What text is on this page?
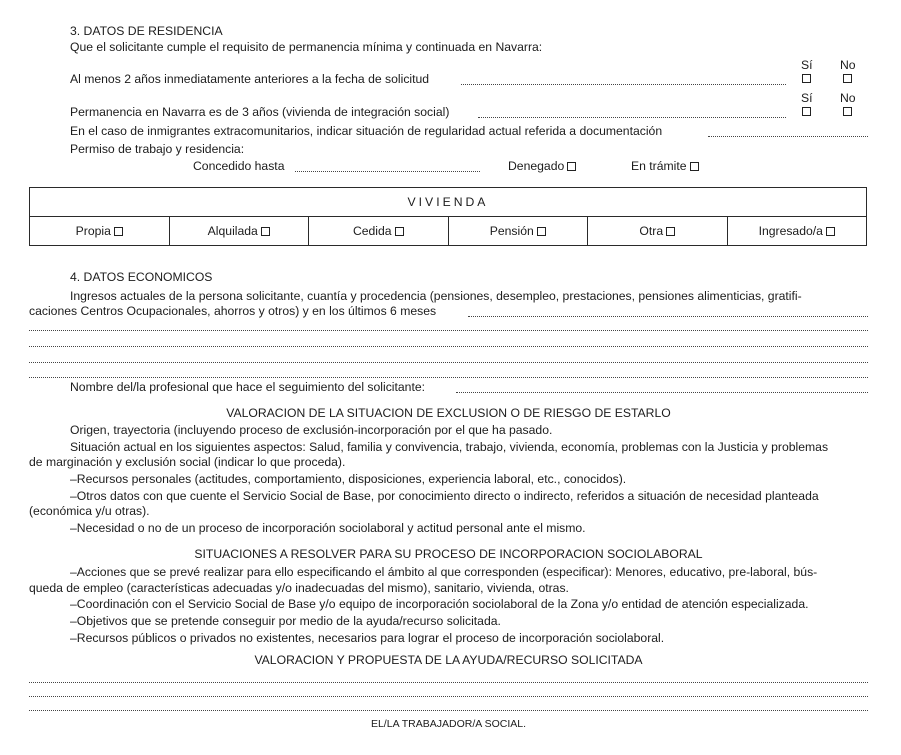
3. DATOS DE RESIDENCIA
Que el solicitante cumple el requisito de permanencia mínima y continuada en Navarra:
Sí No
Al menos 2 años inmediatamente anteriores a la fecha de solicitud
Sí No
Permanencia en Navarra es de 3 años (vivienda de integración social)
En el caso de inmigrantes extracomunitarios, indicar situación de regularidad actual referida a documentación
Permiso de trabajo y residencia:
Concedido hasta	Denegado	En trámite
VIVIENDA
Propia	Alquilada	Cedida	Pensión	Otra	Ingresado/a
4. DATOS ECONOMICOS
Ingresos actuales de la persona solicitante, cuantía y procedencia (pensiones, desempleo, prestaciones, pensiones alimenticias, gratifi-
caciones Centros Ocupacionales, ahorros y otros) y en los últimos 6 meses
Nombre del/la profesional que hace el seguimiento del solicitante:
VALORACION DE LA SITUACION DE EXCLUSION O DE RIESGO DE ESTARLO
Origen, trayectoria (incluyendo proceso de exclusión-incorporación por el que ha pasado.
Situación actual en los siguientes aspectos: Salud, familia y convivencia, trabajo, vivienda, economía, problemas con la Justicia y problemas
de marginación y exclusión social (indicar lo que proceda).
–Recursos personales (actitudes, comportamiento, disposiciones, experiencia laboral, etc., conocidos).
–Otros datos con que cuente el Servicio Social de Base, por conocimiento directo o indirecto, referidos a situación de necesidad planteada
(económica y/u otras).
–Necesidad o no de un proceso de incorporación sociolaboral y actitud personal ante el mismo.
SITUACIONES A RESOLVER PARA SU PROCESO DE INCORPORACION SOCIOLABORAL
–Acciones que se prevé realizar para ello especificando el ámbito al que corresponden (especificar): Menores, educativo, pre-laboral, bús-
queda de empleo (características adecuadas y/o inadecuadas del mismo), sanitario, vivienda, otras.
–Coordinación con el Servicio Social de Base y/o equipo de incorporación sociolaboral de la Zona y/o entidad de atención especializada.
–Objetivos que se pretende conseguir por medio de la ayuda/recurso solicitada.
–Recursos públicos o privados no existentes, necesarios para lograr el proceso de incorporación sociolaboral.
VALORACION Y PROPUESTA DE LA AYUDA/RECURSO SOLICITADA
EL/LA TRABAJADOR/A SOCIAL.
